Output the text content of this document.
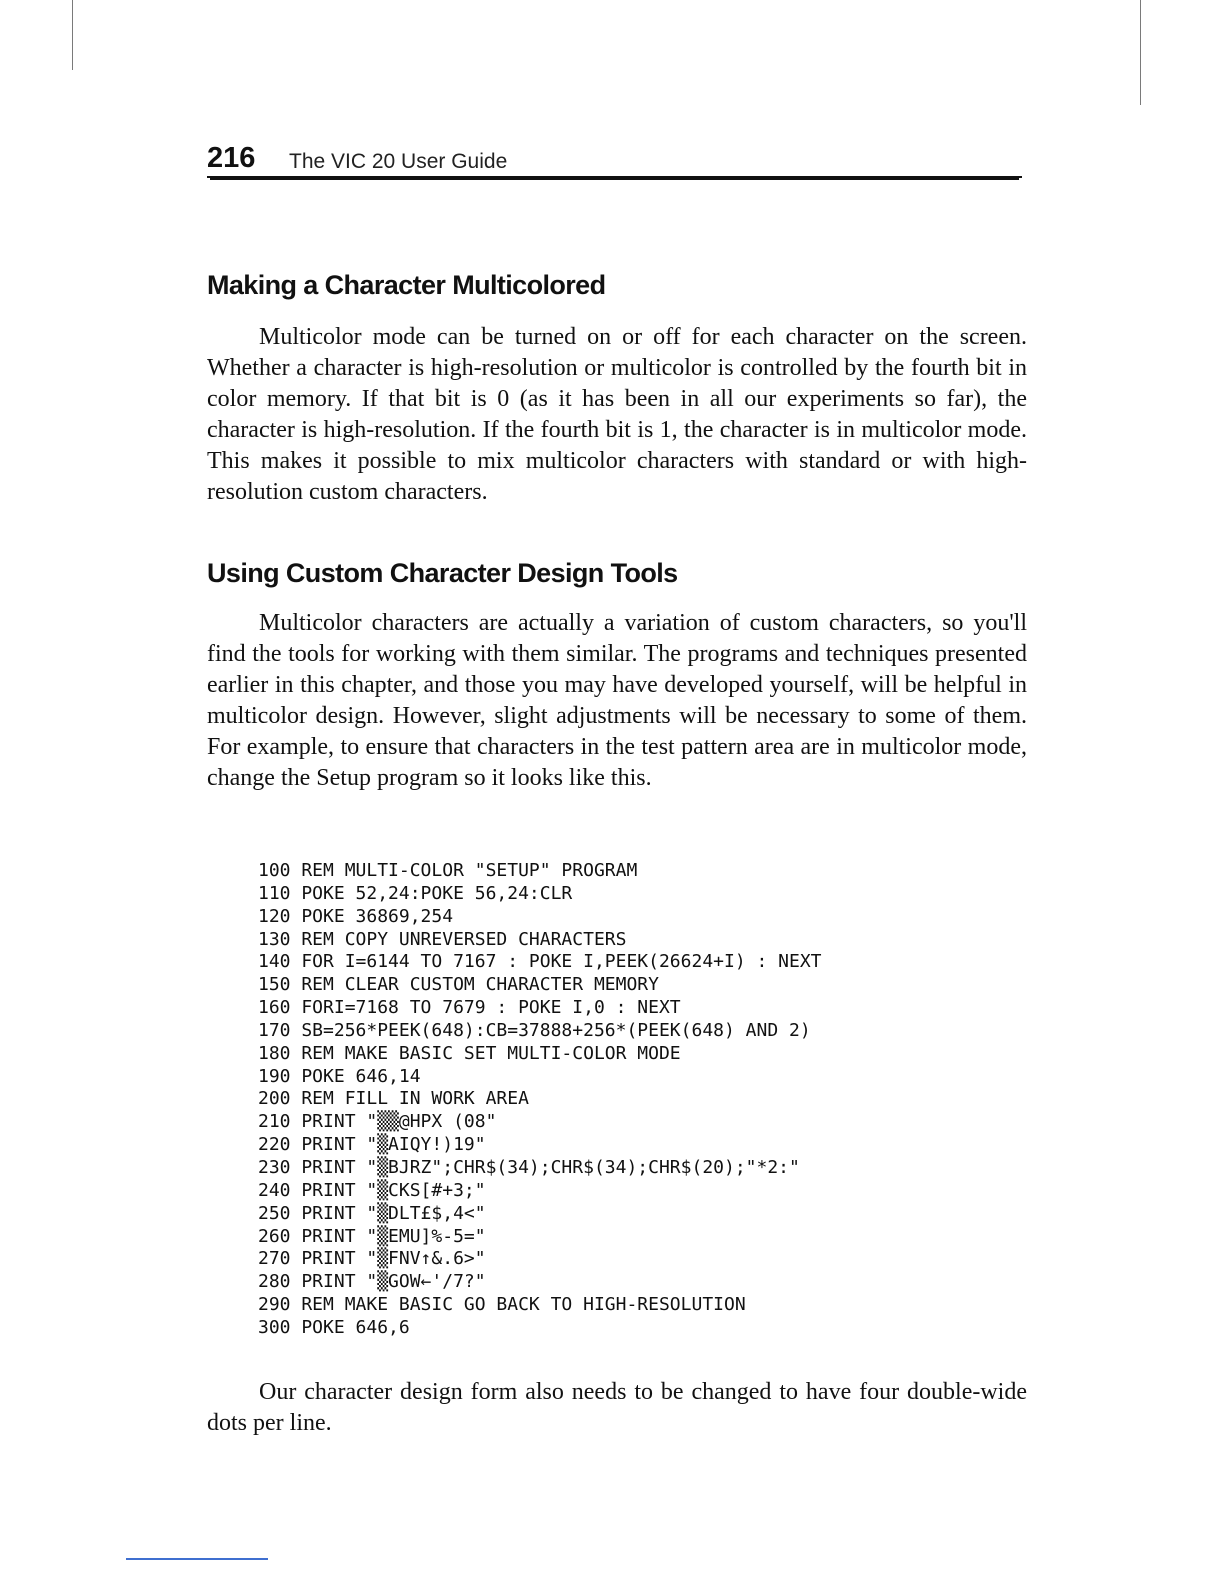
216 The VIC 20 User Guide
Making a Character Multicolored

Multicolor mode can be turned on or off for each character on the screen. Whether a character is high-resolution or multicolor is controlled by the fourth bit in color memory. If that bit is 0 (as it has been in all our experiments so far), the character is high-resolution. If the fourth bit is 1, the character is in multicolor mode. This makes it possible to mix multicolor characters with standard or with high-resolution custom characters.

Using Custom Character Design Tools

Multicolor characters are actually a variation of custom characters, so you'll find the tools for working with them similar. The programs and techniques presented earlier in this chapter, and those you may have developed yourself, will be helpful in multicolor design. However, slight adjustments will be necessary to some of them. For example, to ensure that characters in the test pattern area are in multicolor mode, change the Setup program so it looks like this.

100 REM MULTI-COLOR "SETUP" PROGRAM
110 POKE 52,24:POKE 56,24:CLR
120 POKE 36869,254
130 REM COPY UNREVERSED CHARACTERS
140 FOR I=6144 TO 7167 : POKE I,PEEK(26624+I) : NEXT
150 REM CLEAR CUSTOM CHARACTER MEMORY
160 FORI=7168 TO 7679 : POKE I,0 : NEXT
170 SB=256*PEEK(648):CB=37888+256*(PEEK(648) AND 2)
180 REM MAKE BASIC SET MULTI-COLOR MODE
190 POKE 646,14
200 REM FILL IN WORK AREA
210 PRINT "▒▒@HPX (08"
220 PRINT "▒AIQY!)19"
230 PRINT "▒BJRZ";CHR$(34);CHR$(34);CHR$(20);"*2:"
240 PRINT "▒CKS[#+3;"
250 PRINT "▒DLT£$,4<"
260 PRINT "▒EMU]%-5="
270 PRINT "▒FNV↑&.6>"
280 PRINT "▒GOW←'/7?"
290 REM MAKE BASIC GO BACK TO HIGH-RESOLUTION
300 POKE 646,6

Our character design form also needs to be changed to have four double-wide dots per line.
